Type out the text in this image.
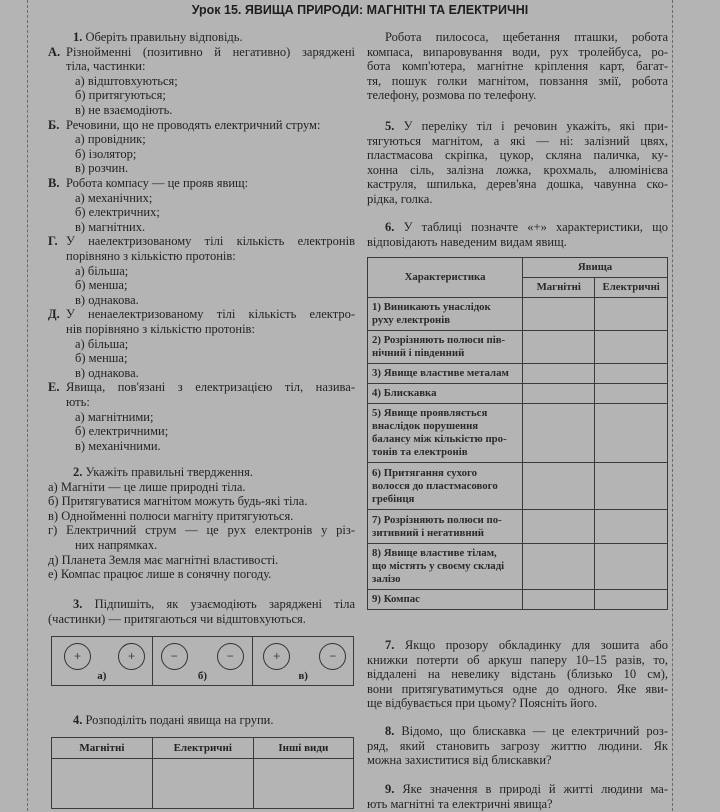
Урок 15. ЯВИЩА ПРИРОДИ: МАГНІТНІ ТА ЕЛЕКТРИЧНІ
1. Оберіть правильну відповідь.
А. Різнойменні (позитивно й негативно) заряджені
тіла, частинки:
а) відштовхуються;
б) притягуються;
в) не взаємодіють.
Б. Речовини, що не проводять електричний струм:
а) провідник;
б) ізолятор;
в) розчин.
В. Робота компасу — це прояв явищ:
а) механічних;
б) електричних;
в) магнітних.
Г. У наелектризованому тілі кількість електронів
порівняно з кількістю протонів:
а) більша;
б) менша;
в) однакова.
Д. У ненаелектризованому тілі кількість електро-
нів порівняно з кількістю протонів:
а) більша;
б) менша;
в) однакова.
Е. Явища, пов'язані з електризацією тіл, назива-
ють:
а) магнітними;
б) електричними;
в) механічними.
2. Укажіть правильні твердження.
а) Магніти — це лише природні тіла.
б) Притягуватися магнітом можуть будь-які тіла.
в) Однойменні полюси магніту притягуються.
г) Електричний струм — це рух електронів у різ-
них напрямках.
д) Планета Земля має магнітні властивості.
е) Компас працює лише в сонячну погоду.
3. Підпишіть, як узаємодіють заряджені тіла
(частинки) — притягаються чи відштовхуються.
+	+
а)

−	−
б)

+	−
в)
4. Розподіліть подані явища на групи.
Магнітні	Електричні	Інші види

Робота пилососа, щебетання пташки, робота
компаса, випаровування води, рух тролейбуса, ро-
бота комп'ютера, магнітне кріплення карт, багат-
тя, пошук голки магнітом, повзання змії, робота
телефону, розмова по телефону.
5. У переліку тіл і речовин укажіть, які при-
тягуються магнітом, а які — ні: залізний цвях,
пластмасова скріпка, цукор, скляна паличка, ку-
хонна сіль, залізна ложка, крохмаль, алюмінієва
каструля, шпилька, дерев'яна дошка, чавунна ско-
рідка, голка.
6. У таблиці позначте «+» характеристики, що
відповідають наведеним видам явищ.
Характеристика	Явища	
	Магнітні	Електричні

1) Виникають унаслідок
руху електронів		

2) Розрізняють полюси пів-
нічний і південний		

3) Явище властиве металам		

4) Блискавка		

5) Явище проявляється
внаслідок порушення
балансу між кількістю про-
тонів та електронів		

6) Притягання сухого
волосся до пластмасового
гребінця		

7) Розрізняють полюси по-
зитивний і негативний		

8) Явище властиве тілам,
що містять у своєму складі
залізо		

9) Компас		

7. Якщо прозору обкладинку для зошита або
книжки потерти об аркуш паперу 10–15 разів, то,
віддалені на невелику відстань (близько 10 см),
вони притягуватимуться одне до одного. Яке яви-
ще відбувається при цьому? Поясніть його.
8. Відомо, що блискавка — це електричний роз-
ряд, який становить загрозу життю людини. Як
можна захиститися від блискавки?
9. Яке значення в природі й житті людини ма-
ють магнітні та електричні явища?
